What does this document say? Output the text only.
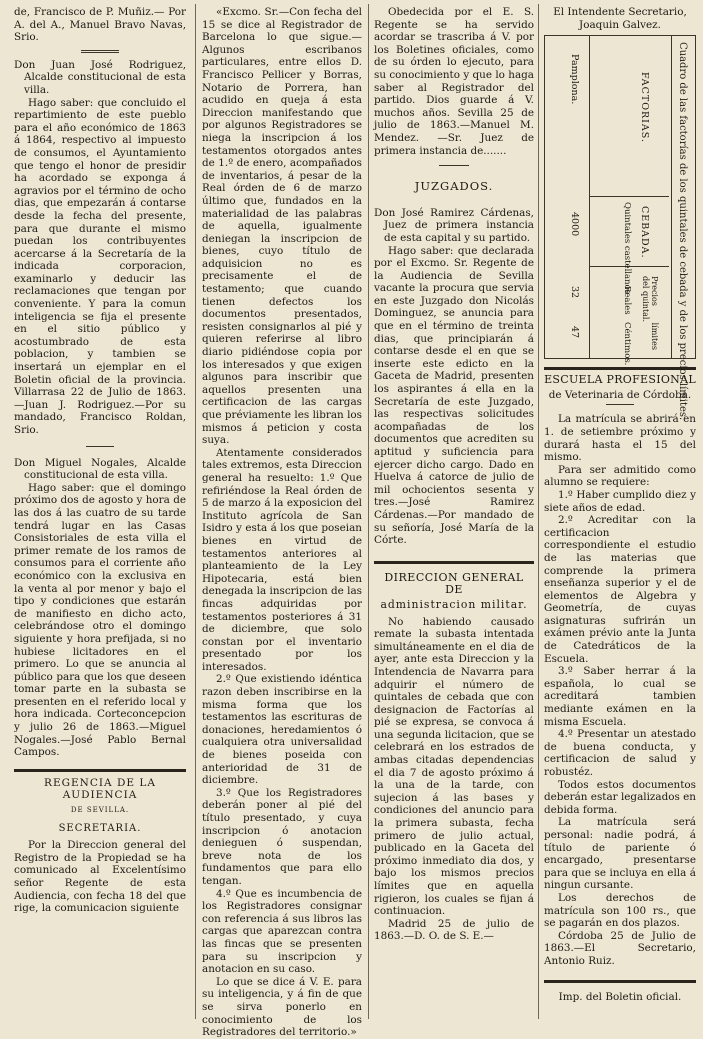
de, Francisco de P. Muñiz.— Por A. del A., Manuel Bravo Navas, Srio.

Don Juan José Rodriguez, Alcalde constitucional de esta villa.

Hago saber: que concluido el repartimiento de este pueblo para el año económico de 1863 á 1864, respectivo al impuesto de consumos, el Ayuntamiento que tengo el honor de presidir ha acordado se exponga á agravios por el término de ocho dias, que empezarán á contarse desde la fecha del presente, para que durante el mismo puedan los contribuyentes acercarse á la Secretaría de la indicada corporacion, examinarlo y deducir las reclamaciones que tengan por conveniente. Y para la comun inteligencia se fija el presente en el sitio público y acostumbrado de esta poblacion, y tambien se insertará un ejemplar en el Boletin oficial de la provincia. Villarrasa 22 de Julio de 1863. —Juan J. Rodriguez.—Por su mandado, Francisco Roldan, Srio.

Don Miguel Nogales, Alcalde constitucional de esta villa.

Hago saber: que el domingo próximo dos de agosto y hora de las dos á las cuatro de su tarde tendrá lugar en las Casas Consistoriales de esta villa el primer remate de los ramos de consumos para el corriente año económico con la exclusiva en la venta al por menor y bajo el tipo y condiciones que estarán de manifiesto en dicho acto, celebrándose otro el domingo siguiente y hora prefijada, si no hubiese licitadores en el primero. Lo que se anuncia al público para que los que deseen tomar parte en la subasta se presenten en el referido local y hora indicada. Corteconcepcion y julio 26 de 1863.—Miguel Nogales.—José Pablo Bernal Campos.

REGENCIA DE LA AUDIENCIA

DE SEVILLA.

SECRETARIA.

Por la Direccion general del Registro de la Propiedad se ha comunicado al Excelentísimo señor Regente de esta Audiencia, con fecha 18 del que rige, la comunicacion siguiente

«Excmo. Sr.—Con fecha del 15 se dice al Registrador de Barcelona lo que sigue.— Algunos escribanos particulares, entre ellos D. Francisco Pellicer y Borras, Notario de Porrera, han acudido en queja á esta Direccion manifestando que por algunos Registradores se niega la inscripcion á los testamentos otorgados antes de 1.º de enero, acompañados de inventarios, á pesar de la Real órden de 6 de marzo último que, fundados en la materialidad de las palabras de aquella, igualmente deniegan la inscripcion de bienes, cuyo título de adquisicion no es precisamente el de testamento; que cuando tienen defectos los documentos presentados, resisten consignarlos al pié y quieren referirse al libro diario pidiéndose copia por los interesados y que exigen algunos para inscribir que aquellos presenten una certificacion de las cargas que préviamente les libran los mismos á peticion y costa suya.

Atentamente considerados tales extremos, esta Direccion general ha resuelto: 1.º Que refiriéndose la Real órden de 5 de marzo á la exposicion del Instituto agrícola de San Isidro y esta á los que poseian bienes en virtud de testamentos anteriores al planteamiento de la Ley Hipotecaria, está bien denegada la inscripcion de las fincas adquiridas por testamentos posteriores á 31 de diciembre, que solo constan por el inventario presentado por los interesados.

2.º Que existiendo idéntica razon deben inscribirse en la misma forma que los testamentos las escrituras de donaciones, heredamientos ó cualquiera otra universalidad de bienes poseida con anterioridad de 31 de diciembre.

3.º Que los Registradores deberán poner al pié del título presentado, y cuya inscripcion ó anotacion denieguen ó suspendan, breve nota de los fundamentos que para ello tengan.

4.º Que es incumbencia de los Registradores consignar con referencia á sus libros las cargas que aparezcan contra las fincas que se presenten para su inscripcion y anotacion en su caso.

Lo que se dice á V. E. para su inteligencia, y á fin de que se sirva ponerlo en conocimiento de los Registradores del territorio.»

Obedecida por el E. S. Regente se ha servido acordar se trascriba á V. por los Boletines oficiales, como de su órden lo ejecuto, para su conocimiento y que lo haga saber al Registrador del partido. Dios guarde á V. muchos años. Sevilla 25 de julio de 1863.—Manuel M. Mendez. —Sr. Juez de primera instancia de.......

JUZGADOS.

Don José Ramirez Cárdenas, Juez de primera instancia de esta capital y su partido.

Hago saber: que declarada por el Excmo. Sr. Regente de la Audiencia de Sevilla vacante la procura que servia en este Juzgado don Nicolás Dominguez, se anuncia para que en el término de treinta dias, que principiarán á contarse desde el en que se inserte este edicto en la Gaceta de Madrid, presenten los aspirantes á ella en la Secretaría de este Juzgado, las respectivas solicitudes acompañadas de los documentos que acrediten su aptitud y suficiencia para ejercer dicho cargo. Dado en Huelva á catorce de julio de mil ochocientos sesenta y tres.—José Ramirez Cárdenas.—Por mandado de su señoría, José María de la Córte.

DIRECCION GENERAL DE

administracion militar.

No habiendo causado remate la subasta intentada simultáneamente en el dia de ayer, ante esta Direccion y la Intendencia de Navarra para adquirir el número de quintales de cebada que con designacion de Factorías al pié se expresa, se convoca á una segunda licitacion, que se celebrará en los estrados de ambas citadas dependencias el dia 7 de agosto próximo á la una de la tarde, con sujecion á las bases y condiciones del anuncio para la primera subasta, fecha primero de julio actual, publicado en la Gaceta del próximo inmediato dia dos, y bajo los mismos precios límites que en aquella rigieron, los cuales se fijan á continuacion.

Madrid 25 de julio de 1863.—D. O. de S. E.—

El Intendente Secretario,

Joaquin Galvez.

Cuadro de las factorías de los quintales de cebada y de los precios límites.
FACTORIAS.
CEBADA.
Quintales castellanos
Precios límites del quintal.
Reales
Céntimos.
Pamplona.
4000
32
47

ESCUELA PROFESIONAL

de Veterinaria de Córdoba.

La matrícula se abrirá en 1. de setiembre próximo y durará hasta el 15 del mismo.

Para ser admitido como alumno se requiere:

1.º Haber cumplido diez y siete años de edad.

2.º Acreditar con la certificacion correspondiente el estudio de las materias que comprende la primera enseñanza superior y el de elementos de Algebra y Geometría, de cuyas asignaturas sufrirán un exámen prévio ante la Junta de Catedráticos de la Escuela.

3.º Saber herrar á la española, lo cual se acreditará tambien mediante exámen en la misma Escuela.

4.º Presentar un atestado de buena conducta, y certificacion de salud y robustéz.

Todos estos documentos deberán estar legalizados en debida forma.

La matrícula será personal: nadie podrá, á título de pariente ó encargado, presentarse para que se incluya en ella á ningun cursante.

Los derechos de matrícula son 100 rs., que se pagarán en dos plazos.

Córdoba 25 de Julio de 1863.—El Secretario, Antonio Ruiz.

Imp. del Boletin oficial.
